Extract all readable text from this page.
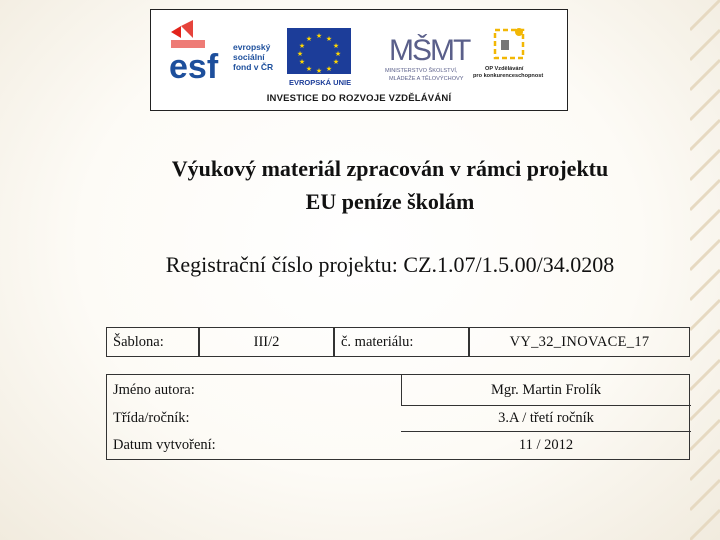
esf
evropský
sociální
fond v ČR
★ ★
★
★
★
★
★
★
★
★
★
★
EVROPSKÁ UNIE
MŠMT
MINISTERSTVO ŠKOLSTVÍ,
MLÁDEŽE A TĚLOVÝCHOVY
OP Vzdělávání
pro konkurenceschopnost
INVESTICE DO ROZVOJE VZDĚLÁVÁNÍ
Výukový materiál zpracován v rámci projektu
EU peníze školám
Registrační číslo projektu: CZ.1.07/1.5.00/34.0208
Šablona:	III/2	č. materiálu:	VY_32_INOVACE_17
Jméno autora:	Mgr. Martin Frolík
Třída/ročník:	3.A / třetí ročník
Datum vytvoření:	11 / 2012
